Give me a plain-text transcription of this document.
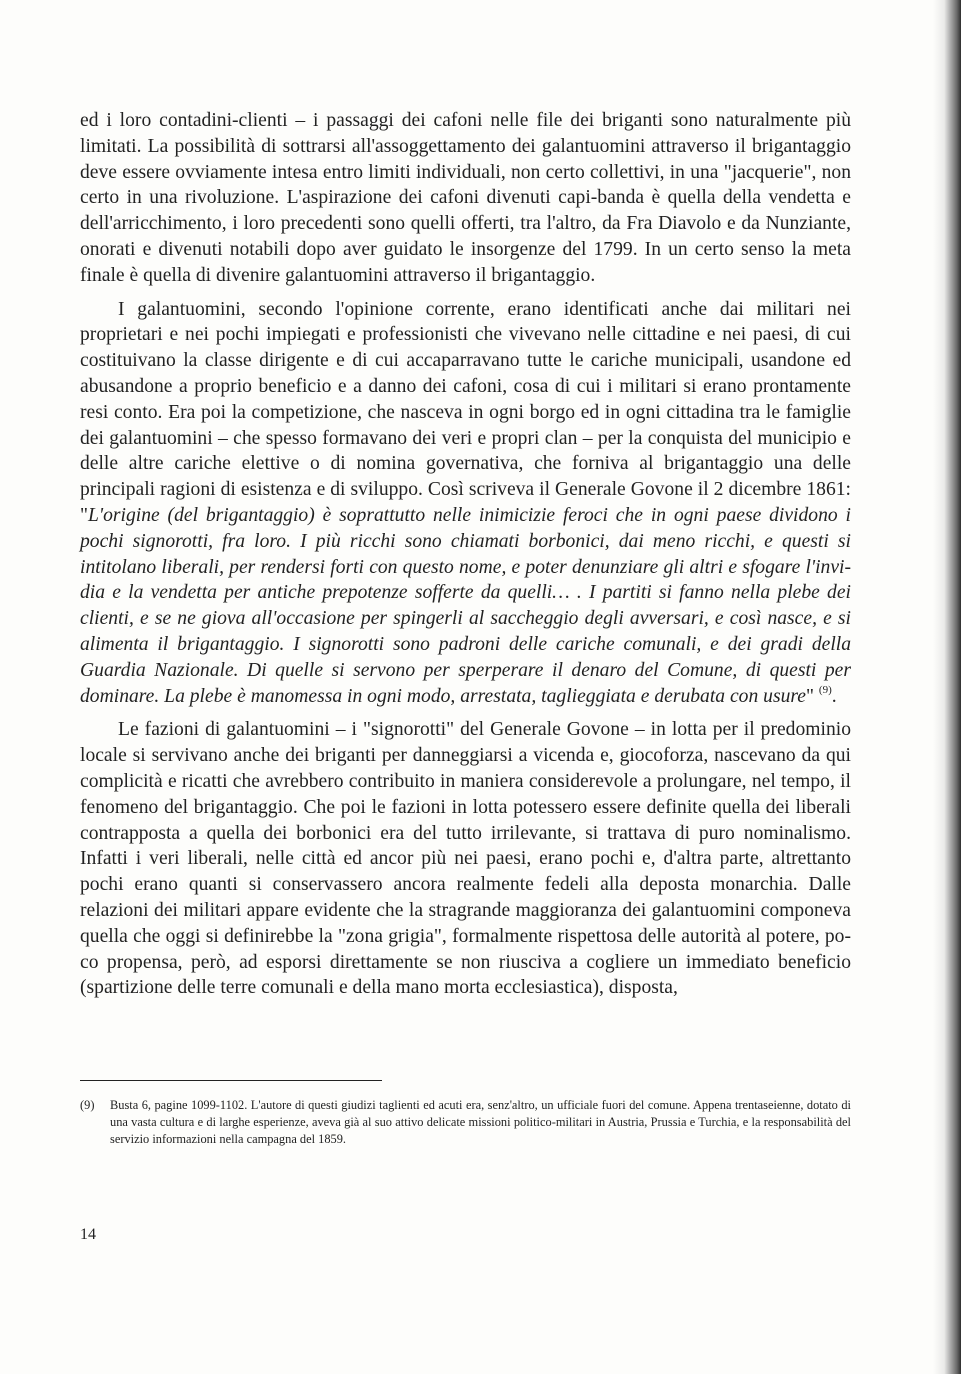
ed i loro contadini-clienti – i passaggi dei cafoni nelle file dei briganti sono naturalmente più limitati. La possibilità di sottrarsi all'assoggettamento dei galantuomini attraverso il brigantaggio deve essere ovviamente intesa entro limiti individuali, non certo collettivi, in una "jacquerie", non certo in una rivoluzione. L'aspirazione dei cafoni divenuti capi-banda è quella della vendetta e dell'arricchimento, i loro precedenti sono quelli offerti, tra l'altro, da Fra Diavolo e da Nunziante, onorati e divenuti notabili dopo aver guidato le insorgenze del 1799. In un certo senso la meta finale è quella di divenire galantuomini attraverso il brigantaggio.

I galantuomini, secondo l'opinione corrente, erano identificati anche dai militari nei proprietari e nei pochi impiegati e professionisti che vivevano nelle cittadine e nei paesi, di cui costituivano la classe dirigente e di cui accaparravano tutte le cariche municipali, usandone ed abusandone a proprio beneficio e a danno dei cafoni, cosa di cui i militari si erano prontamente resi conto. Era poi la competizione, che nasceva in ogni borgo ed in ogni cittadina tra le famiglie dei galantuomini – che spesso formavano dei veri e propri clan – per la conquista del municipio e delle altre cariche elettive o di nomina governativa, che forniva al brigantaggio una delle principali ragioni di esistenza e di sviluppo. Così scriveva il Generale Govone il 2 dicembre 1861: "L'origine (del brigantaggio) è soprattutto nelle inimicizie feroci che in ogni paese dividono i pochi signorotti, fra loro. I più ricchi sono chiamati borbonici, dai meno ricchi, e questi si intitolano liberali, per rendersi forti con questo nome, e poter denunziare gli altri e sfogare l'invidia e la vendetta per antiche prepotenze sofferte da quelli… . I partiti si fanno nella plebe dei clienti, e se ne giova all'occasione per spingerli al saccheggio degli avversari, e così nasce, e si alimenta il brigantaggio. I signorotti sono padroni delle cariche comunali, e dei gradi della Guardia Nazionale. Di quelle si servono per sperperare il denaro del Comune, di questi per dominare. La plebe è manomessa in ogni modo, arrestata, taglieggiata e derubata con usure" $^{(9)}$.

Le fazioni di galantuomini – i "signorotti" del Generale Govone – in lotta per il predominio locale si servivano anche dei briganti per danneggiarsi a vicenda e, giocoforza, nascevano da qui complicità e ricatti che avrebbero contribuito in maniera considerevole a prolungare, nel tempo, il fenomeno del brigantaggio. Che poi le fazioni in lotta potessero essere definite quella dei liberali contrapposta a quella dei borbonici era del tutto irrilevante, si trattava di puro nominalismo. Infatti i veri liberali, nelle città ed ancor più nei paesi, erano pochi e, d'altra parte, altrettanto pochi erano quanti si conservassero ancora realmente fedeli alla deposta monarchia. Dalle relazioni dei militari appare evidente che la stragrande maggioranza dei galantuomini componeva quella che oggi si definirebbe la "zona grigia", formalmente rispettosa delle autorità al potere, poco propensa, però, ad esporsi direttamente se non riusciva a cogliere un immediato beneficio (spartizione delle terre comunali e della mano morta ecclesiastica), disposta,

(9)	Busta 6, pagine 1099-1102. L'autore di questi giudizi taglienti ed acuti era, senz'altro, un ufficiale fuori del comune. Appena trentaseienne, dotato di una vasta cultura e di larghe esperienze, aveva già al suo attivo delicate missioni politico-militari in Austria, Prussia e Turchia, e la responsabilità del servizio informazioni nella campagna del 1859.
14
